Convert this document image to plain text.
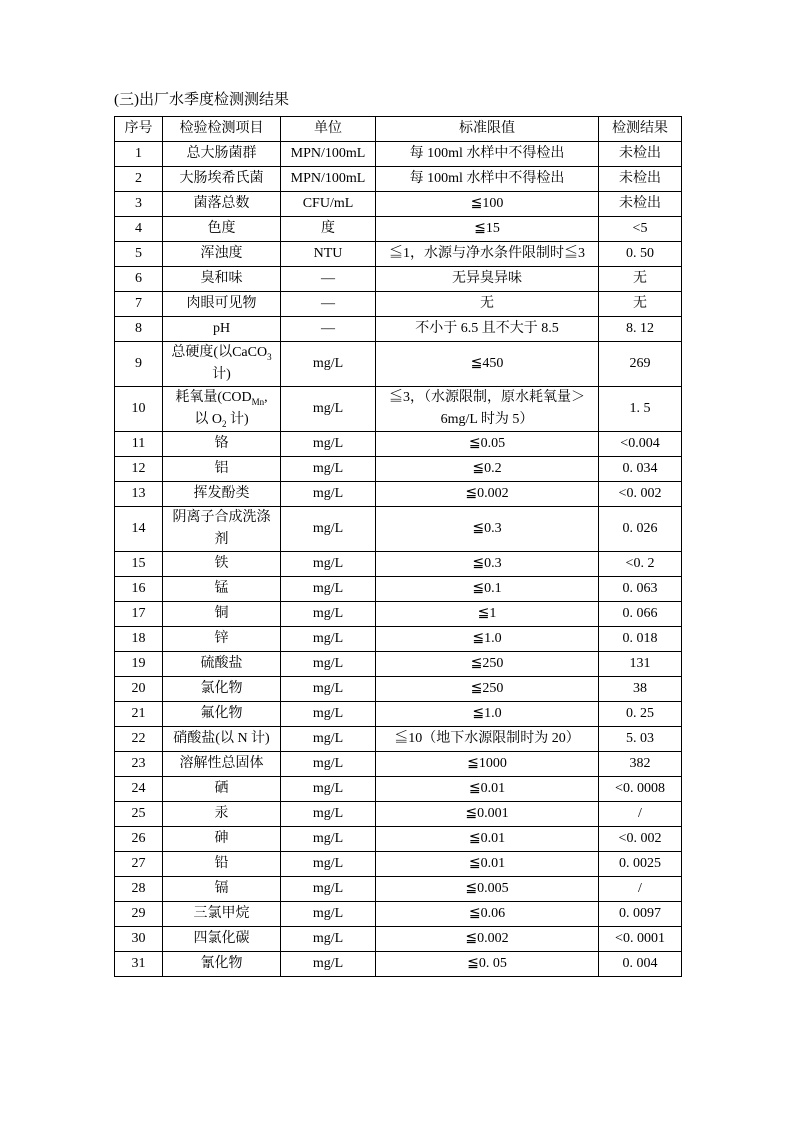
(三)出厂水季度检测测结果
序号	检验检测项目	单位	标准限值	检测结果
1	总大肠菌群	MPN/100mL	每 100ml 水样中不得检出	未检出
2	大肠埃希氏菌	MPN/100mL	每 100ml 水样中不得检出	未检出
3	菌落总数	CFU/mL	≦100	未检出
4	色度	度	≦15	<5
5	浑浊度	NTU	≦1，水源与净水条件限制时≦3	0. 50
6	臭和味	—	无异臭异味	无
7	肉眼可见物	—	无	无
8	pH	—	不小于 6.5 且不大于 8.5	8. 12
9	总硬度(以CaCO$_3$ 计)	mg/L	≦450	269
10	耗氧量($COD_{Mn}$, 以 $O_2$ 计)	mg/L	≦3，（水源限制，原水耗氧量＞6mg/L 时为 5）	1. 5
11	铬	mg/L	≦0.05	<0.004
12	铝	mg/L	≦0.2	0. 034
13	挥发酚类	mg/L	≦0.002	<0. 002
14	阴离子合成洗涤剂	mg/L	≦0.3	0. 026
15	铁	mg/L	≦0.3	<0. 2
16	锰	mg/L	≦0.1	0. 063
17	铜	mg/L	≦1	0. 066
18	锌	mg/L	≦1.0	0. 018
19	硫酸盐	mg/L	≦250	131
20	氯化物	mg/L	≦250	38
21	氟化物	mg/L	≦1.0	0. 25
22	硝酸盐(以 N 计)	mg/L	≦10（地下水源限制时为 20）	5. 03
23	溶解性总固体	mg/L	≦1000	382
24	硒	mg/L	≦0.01	<0. 0008
25	汞	mg/L	≦0.001	/
26	砷	mg/L	≦0.01	<0. 002
27	铅	mg/L	≦0.01	0. 0025
28	镉	mg/L	≦0.005	/
29	三氯甲烷	mg/L	≦0.06	0. 0097
30	四氯化碳	mg/L	≦0.002	<0. 0001
31	氰化物	mg/L	≦0. 05	0. 004
